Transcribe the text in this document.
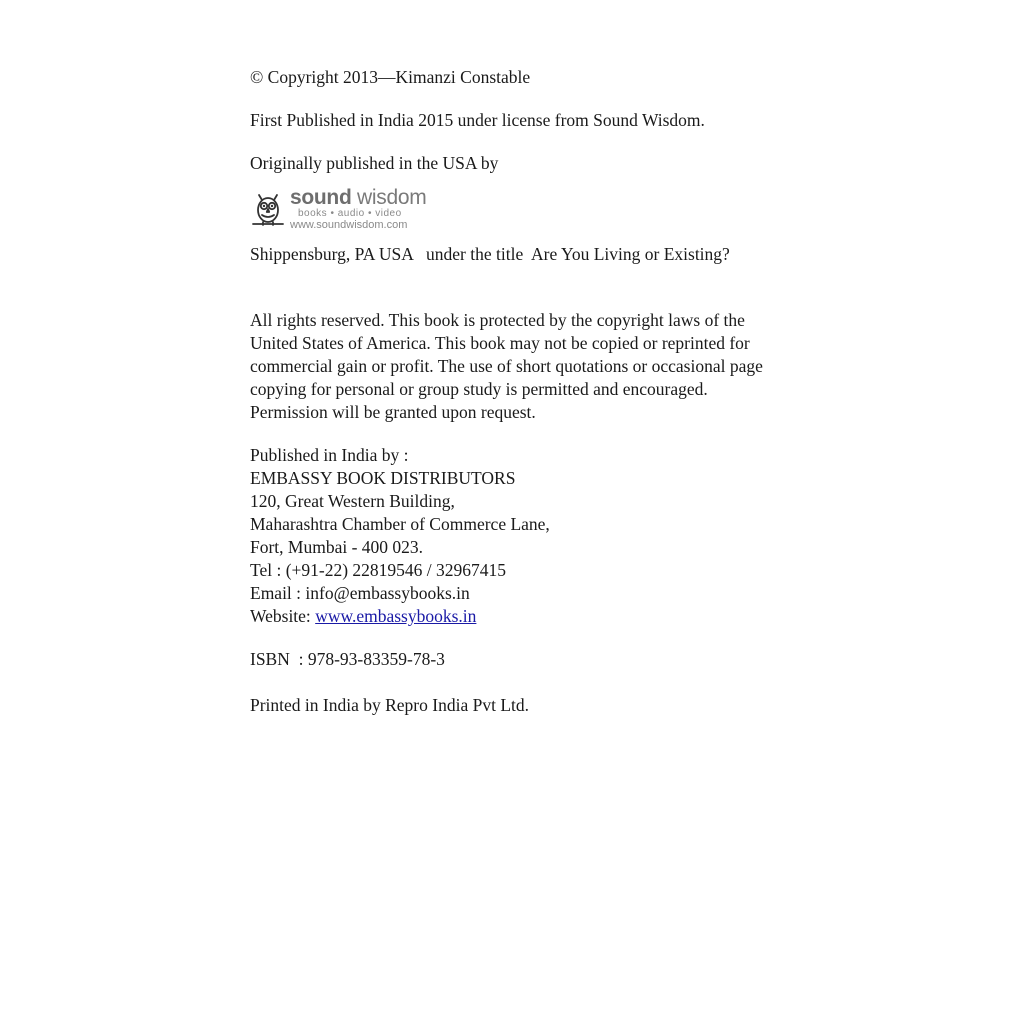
© Copyright 2013—Kimanzi Constable
First Published in India 2015 under license from Sound Wisdom.
Originally published in the USA by
sound wisdom
books • audio • video
www.soundwisdom.com
Shippensburg, PA USA   under the title  Are You Living or Existing?
All rights reserved. This book is protected by the copyright laws of the
United States of America. This book may not be copied or reprinted for
commercial gain or profit. The use of short quotations or occasional page
copying for personal or group study is permitted and encouraged.
Permission will be granted upon request.
Published in India by :
EMBASSY BOOK DISTRIBUTORS
120, Great Western Building,
Maharashtra Chamber of Commerce Lane,
Fort, Mumbai - 400 023.
Tel : (+91-22) 22819546 / 32967415
Email : info@embassybooks.in
Website: www.embassybooks.in
ISBN  : 978-93-83359-78-3
Printed in India by Repro India Pvt Ltd.
